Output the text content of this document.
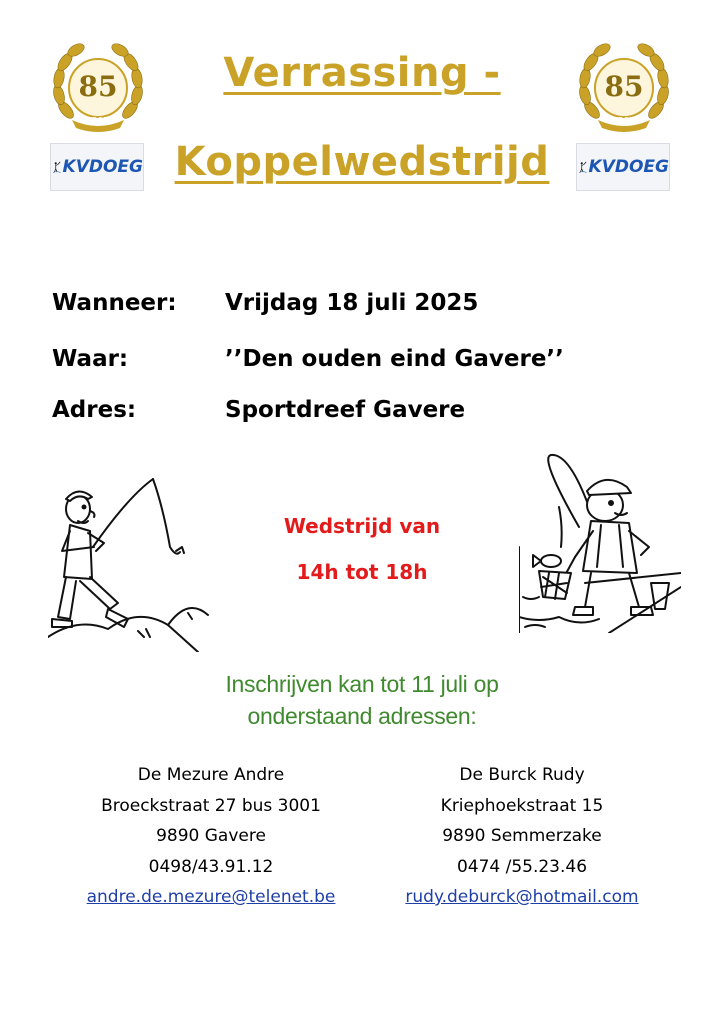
Verrassing -
Koppelwedstrijd
85
KVDOEG
85
KVDOEG
KVDOEG	KVDOEG
Wanneer: Vrijdag 18 juli 2025
Waar:	’’Den ouden eind Gavere’’
Adres:	Sportdreef Gavere
Wedstrijd van
14h tot 18h
Inschrijven kan tot 11 juli op
onderstaand adressen:
De Mezure Andre
Broeckstraat 27 bus 3001
9890 Gavere
0498/43.91.12
andre.de.mezure@telenet.be
De Burck Rudy
Kriephoekstraat 15
9890 Semmerzake
0474 /55.23.46
rudy.deburck@hotmail.com
